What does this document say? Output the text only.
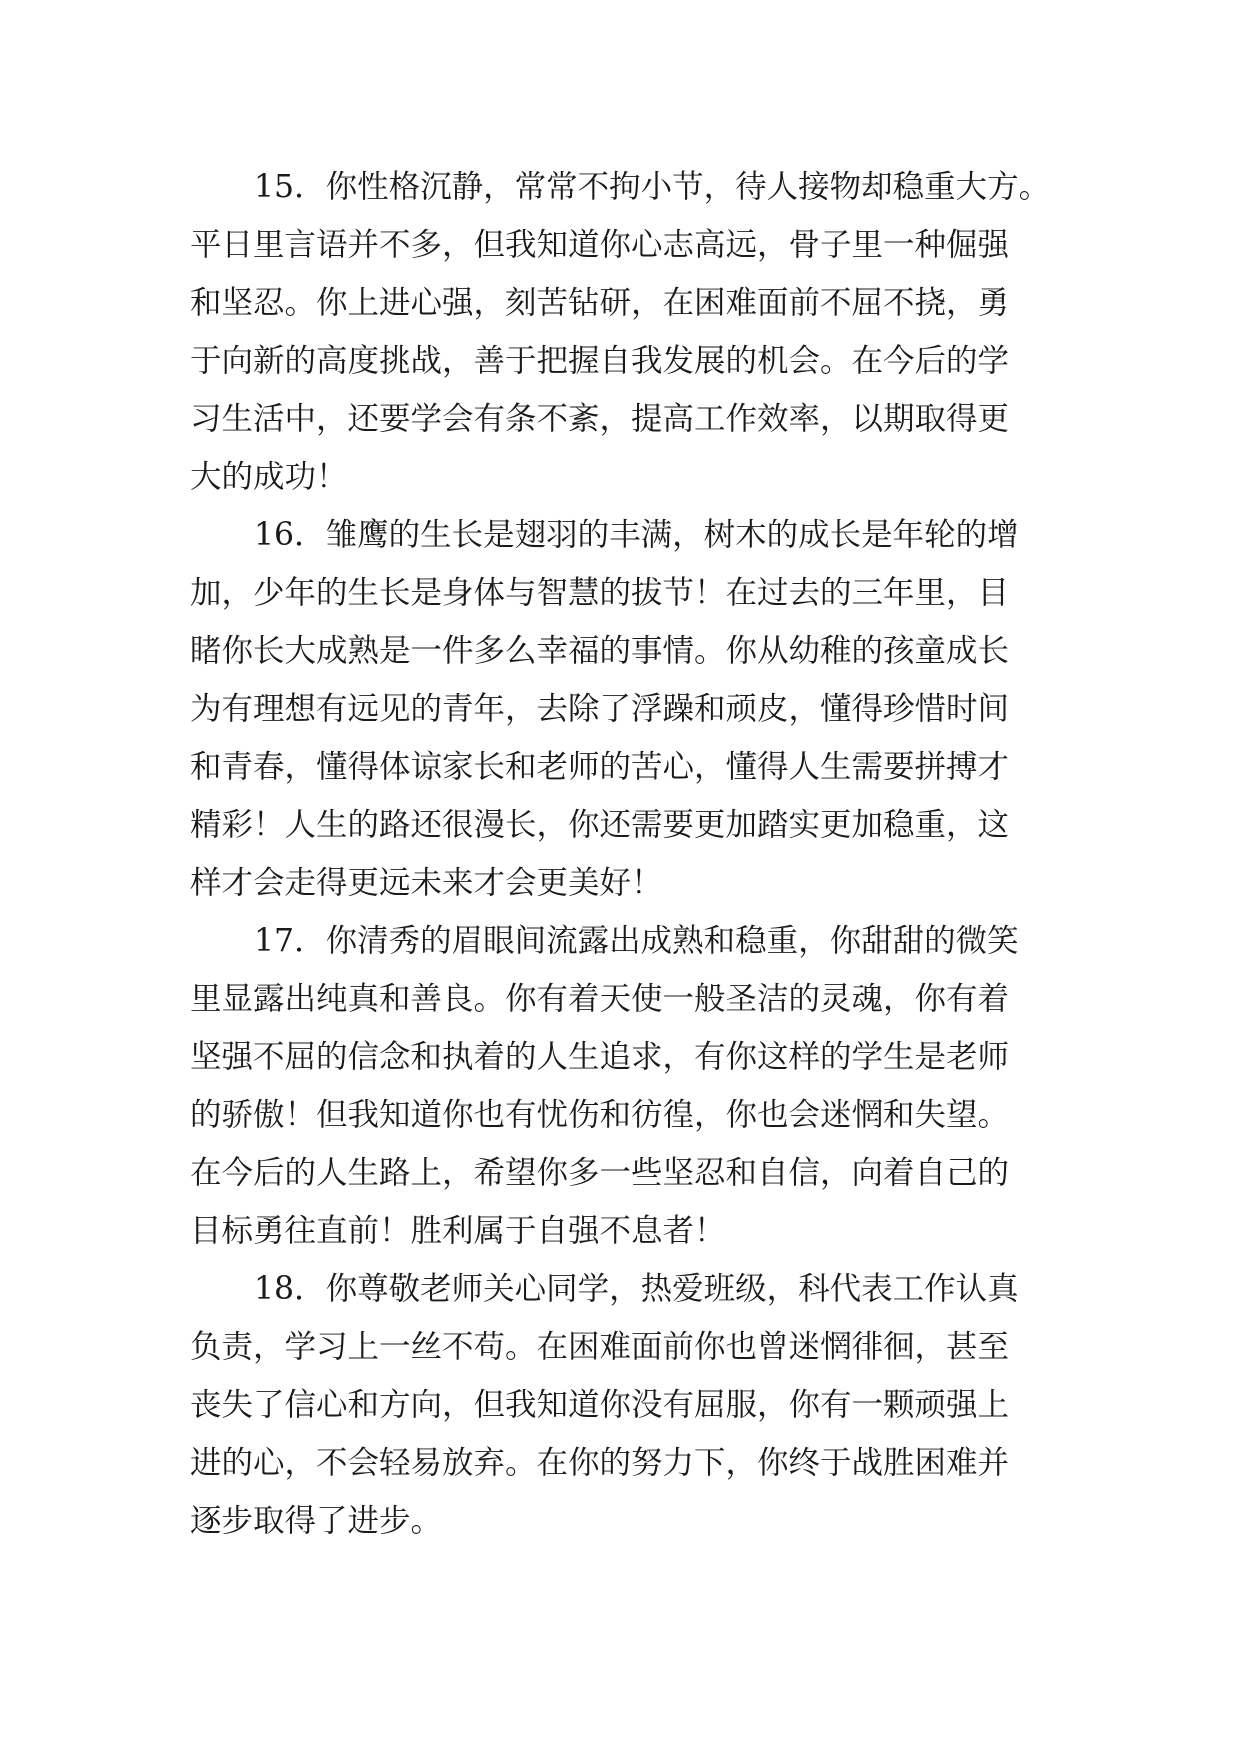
15．你性格沉静，常常不拘小节，待人接物却稳重大方。
平日里言语并不多，但我知道你心志高远，骨子里一种倔强
和坚忍。你上进心强，刻苦钻研，在困难面前不屈不挠，勇
于向新的高度挑战，善于把握自我发展的机会。在今后的学
习生活中，还要学会有条不紊，提高工作效率，以期取得更
大的成功！
16．雏鹰的生长是翅羽的丰满，树木的成长是年轮的增
加，少年的生长是身体与智慧的拔节！在过去的三年里，目
睹你长大成熟是一件多么幸福的事情。你从幼稚的孩童成长
为有理想有远见的青年，去除了浮躁和顽皮，懂得珍惜时间
和青春，懂得体谅家长和老师的苦心，懂得人生需要拼搏才
精彩！人生的路还很漫长，你还需要更加踏实更加稳重，这
样才会走得更远未来才会更美好！
17．你清秀的眉眼间流露出成熟和稳重，你甜甜的微笑
里显露出纯真和善良。你有着天使一般圣洁的灵魂，你有着
坚强不屈的信念和执着的人生追求，有你这样的学生是老师
的骄傲！但我知道你也有忧伤和彷徨，你也会迷惘和失望。
在今后的人生路上，希望你多一些坚忍和自信，向着自己的
目标勇往直前！胜利属于自强不息者！
18．你尊敬老师关心同学，热爱班级，科代表工作认真
负责，学习上一丝不苟。在困难面前你也曾迷惘徘徊，甚至
丧失了信心和方向，但我知道你没有屈服，你有一颗顽强上
进的心，不会轻易放弃。在你的努力下，你终于战胜困难并
逐步取得了进步。
